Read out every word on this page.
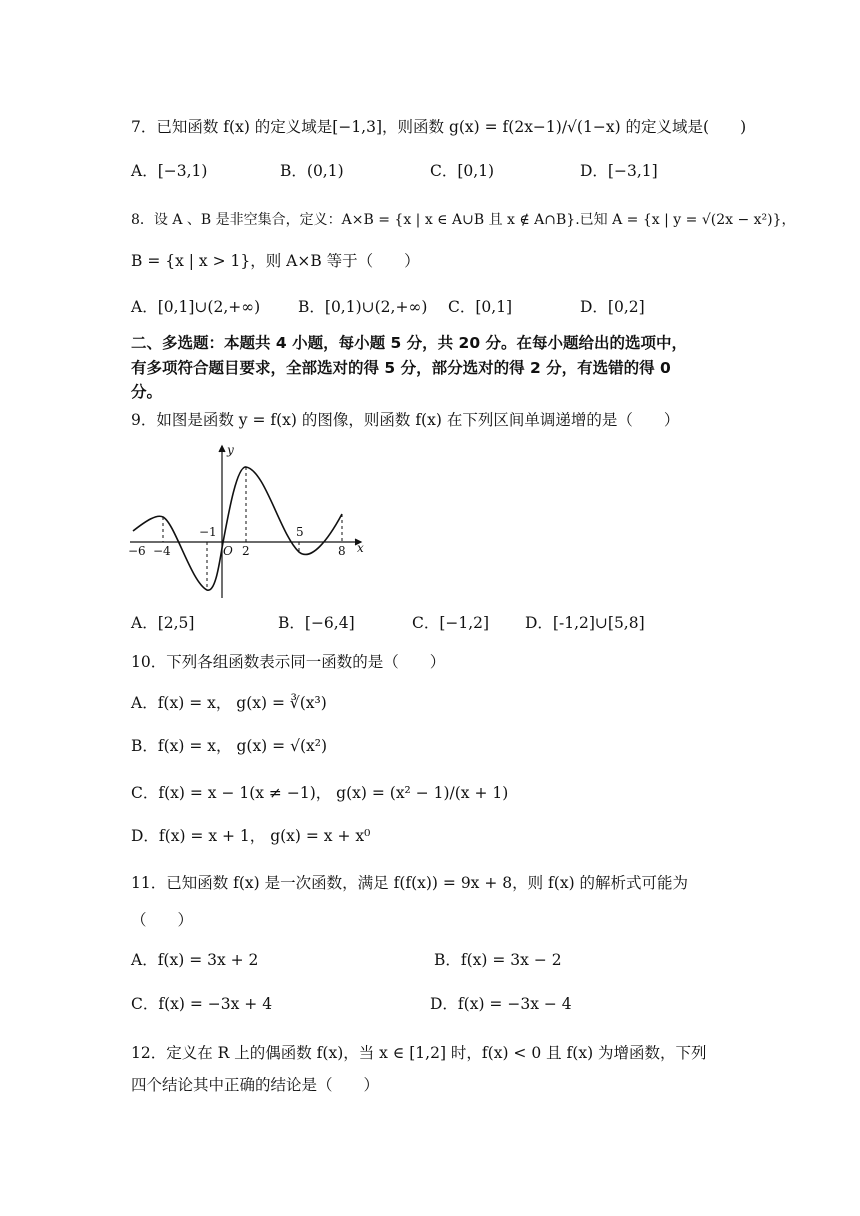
7．已知函数 f(x) 的定义域是[−1,3]，则函数 g(x) = f(2x−1)/√(1−x) 的定义域是(　　)
A．[−3,1)	B．(0,1)	C．[0,1)	D．[−3,1]
8．设 A 、B 是非空集合，定义：A×B = {x | x ∈ A∪B 且 x ∉ A∩B}.已知 A = {x | y = √(2x − x²)}，
B = {x | x > 1}，则 A×B 等于（　　）
A．[0,1]∪(2,+∞) B．[0,1)∪(2,+∞) C．[0,1]	D．[0,2]
二、多选题：本题共 4 小题，每小题 5 分，共 20 分。在每小题给出的选项中，
有多项符合题目要求，全部选对的得 5 分，部分选对的得 2 分，有选错的得 0
分。
9．如图是函数 y = f(x) 的图像，则函数 f(x) 在下列区间单调递增的是（　　）
y
x
O
−6 −4
−1
2
5
8
A．[2,5]	B．[−6,4]	C．[−1,2] D．[-1,2]∪[5,8]
10．下列各组函数表示同一函数的是（　　）
A．f(x) = x， g(x) = ∛(x³)
B．f(x) = x， g(x) = √(x²)
C．f(x) = x − 1(x ≠ −1)， g(x) = (x² − 1)/(x + 1)
D．f(x) = x + 1， g(x) = x + x⁰
11．已知函数 f(x) 是一次函数，满足 f(f(x)) = 9x + 8，则 f(x) 的解析式可能为
（　　）
A．f(x) = 3x + 2	B．f(x) = 3x − 2
C．f(x) = −3x + 4	D．f(x) = −3x − 4
12．定义在 R 上的偶函数 f(x)，当 x ∈ [1,2] 时，f(x) < 0 且 f(x) 为增函数，下列
四个结论其中正确的结论是（　　）
